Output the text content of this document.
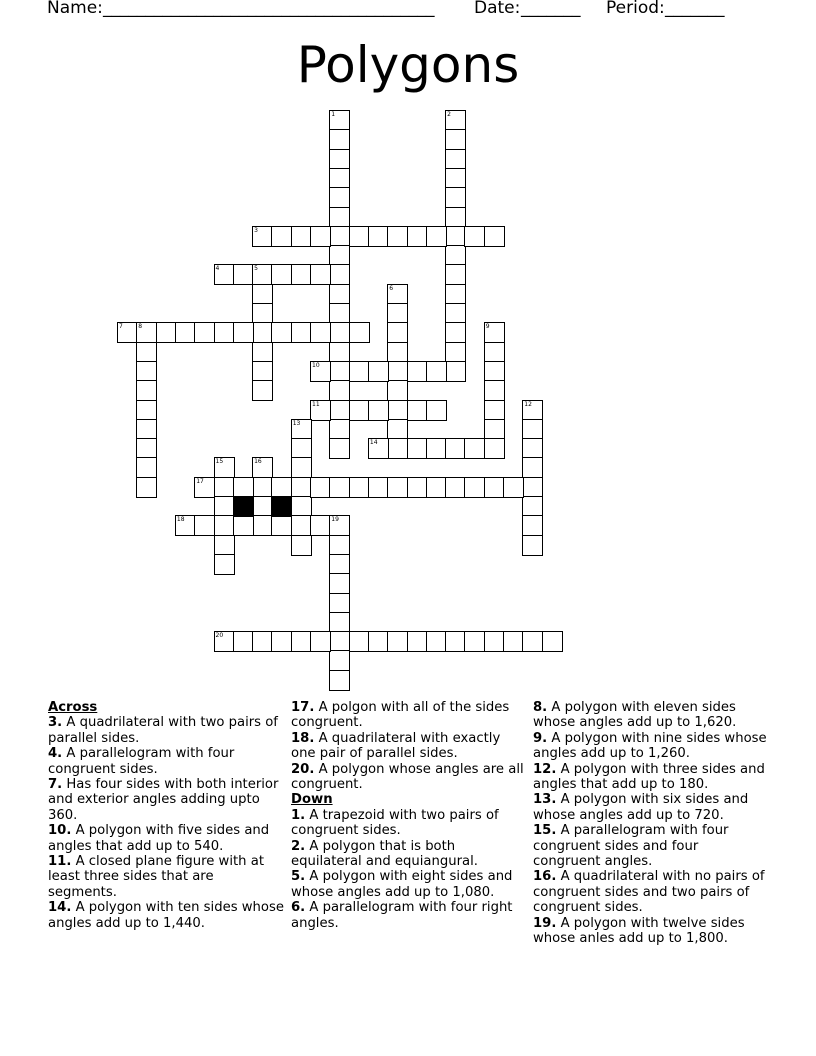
Name: _______________________________________ Date: _______ Period: _______
Polygons
1	2
3
4	5
6
7	8	9
10
11	12
13
14
15	16
17
18	19
20
Across
3. A quadrilateral with two pairs of parallel sides.
4. A parallelogram with four congruent sides.
7. Has four sides with both interior and exterior angles adding upto 360.
10. A polygon with five sides and angles that add up to 540.
11. A closed plane figure with at least three sides that are segments.
14. A polygon with ten sides whose angles add up to 1,440.
17. A polgon with all of the sides congruent.
18. A quadrilateral with exactly one pair of parallel sides.
20. A polygon whose angles are all congruent.
Down
1. A trapezoid with two pairs of congruent sides.
2. A polygon that is both equilateral and equiangural.
5. A polygon with eight sides and whose angles add up to 1,080.
6. A parallelogram with four right angles.
8. A polygon with eleven sides whose angles add up to 1,620.
9. A polygon with nine sides whose angles add up to 1,260.
12. A polygon with three sides and angles that add up to 180.
13. A polygon with six sides and whose angles add up to 720.
15. A parallelogram with four congruent sides and four congruent angles.
16. A quadrilateral with no pairs of congruent sides and two pairs of congruent sides.
19. A polygon with twelve sides whose anles add up to 1,800.
